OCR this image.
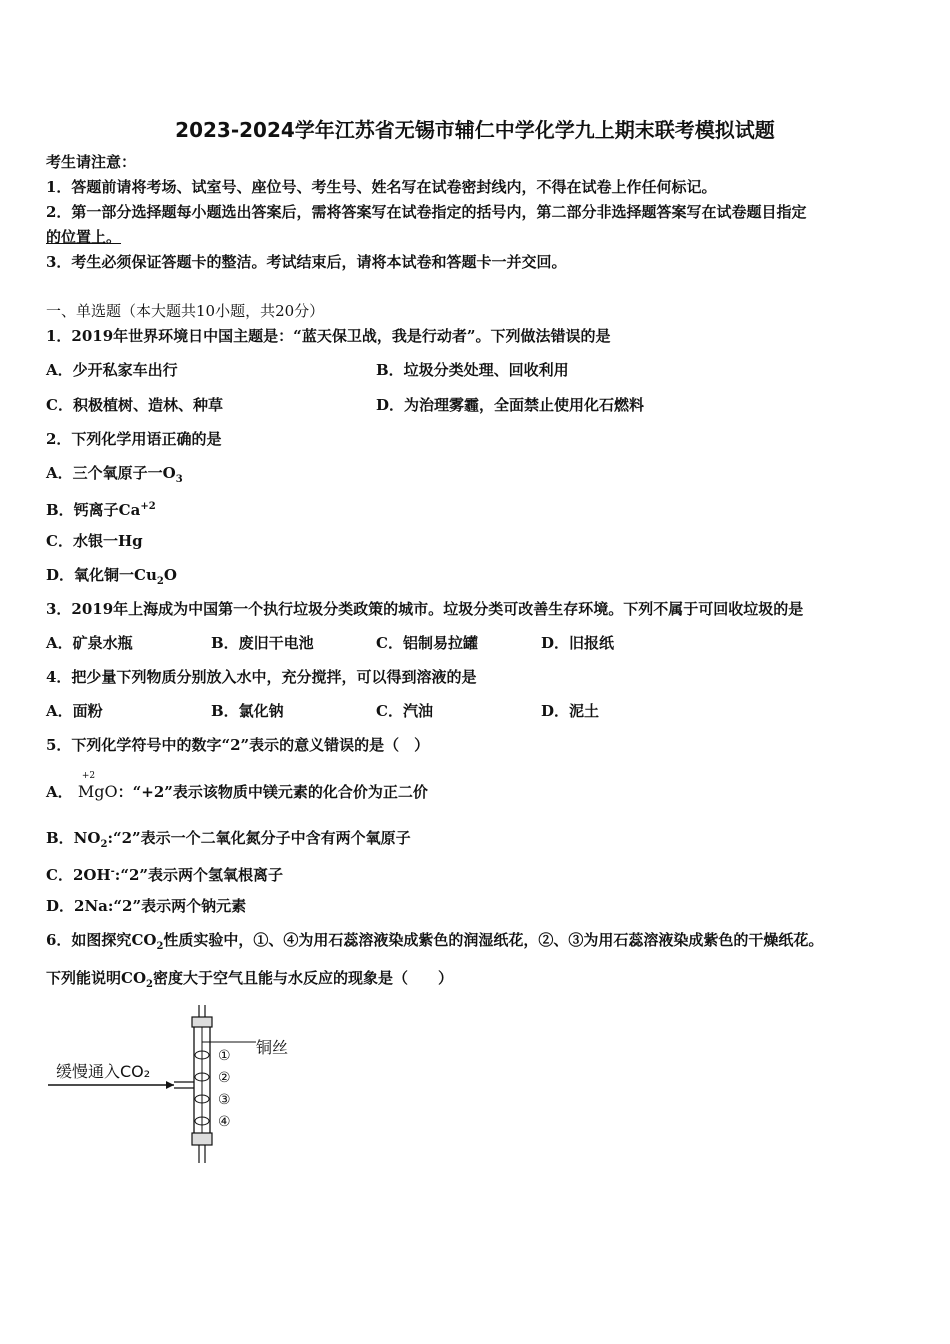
2023-2024学年江苏省无锡市辅仁中学化学九上期末联考模拟试题
考生请注意：
1．答题前请将考场、试室号、座位号、考生号、姓名写在试卷密封线内，不得在试卷上作任何标记。
2．第一部分选择题每小题选出答案后，需将答案写在试卷指定的括号内，第二部分非选择题答案写在试卷题目指定
的位置上。
3．考生必须保证答题卡的整洁。考试结束后，请将本试卷和答题卡一并交回。
一、单选题（本大题共10小题，共20分）
1．2019年世界环境日中国主题是：“蓝天保卫战，我是行动者”。下列做法错误的是
A．少开私家车出行	B．垃圾分类处理、回收利用
C．积极植树、造林、种草	D．为治理雾霾，全面禁止使用化石燃料
2．下列化学用语正确的是
A．三个氧原子一$O_3$
B．钙离子$Ca^{+2}$
C．水银一Hg
D．氧化铜一$Cu_2O$
3．2019年上海成为中国第一个执行垃圾分类政策的城市。垃圾分类可改善生存环境。下列不属于可回收垃圾的是
A．矿泉水瓶	B．废旧干电池	C．铝制易拉罐	D．旧报纸
4．把少量下列物质分别放入水中，充分搅拌，可以得到溶液的是
A．面粉	B．氯化钠	C．汽油	D．泥土
5．下列化学符号中的数字“2”表示的意义错误的是（　）
A．
+2
MgO：“+2”表示该物质中镁元素的化合价为正二价
B．$NO_2:“2$”表示一个二氧化氮分子中含有两个氧原子
C．2OH-:“2”表示两个氢氧根离子
D．2Na:“2”表示两个钠元素
6．如图探究$CO_2$性质实验中，①、④为用石蕊溶液染成紫色的润湿纸花，②、③为用石蕊溶液染成紫色的干燥纸花。
下列能说明$CO_2$密度大于空气且能与水反应的现象是（　　）
缓慢通入CO₂
铜丝
①
②
③
④
